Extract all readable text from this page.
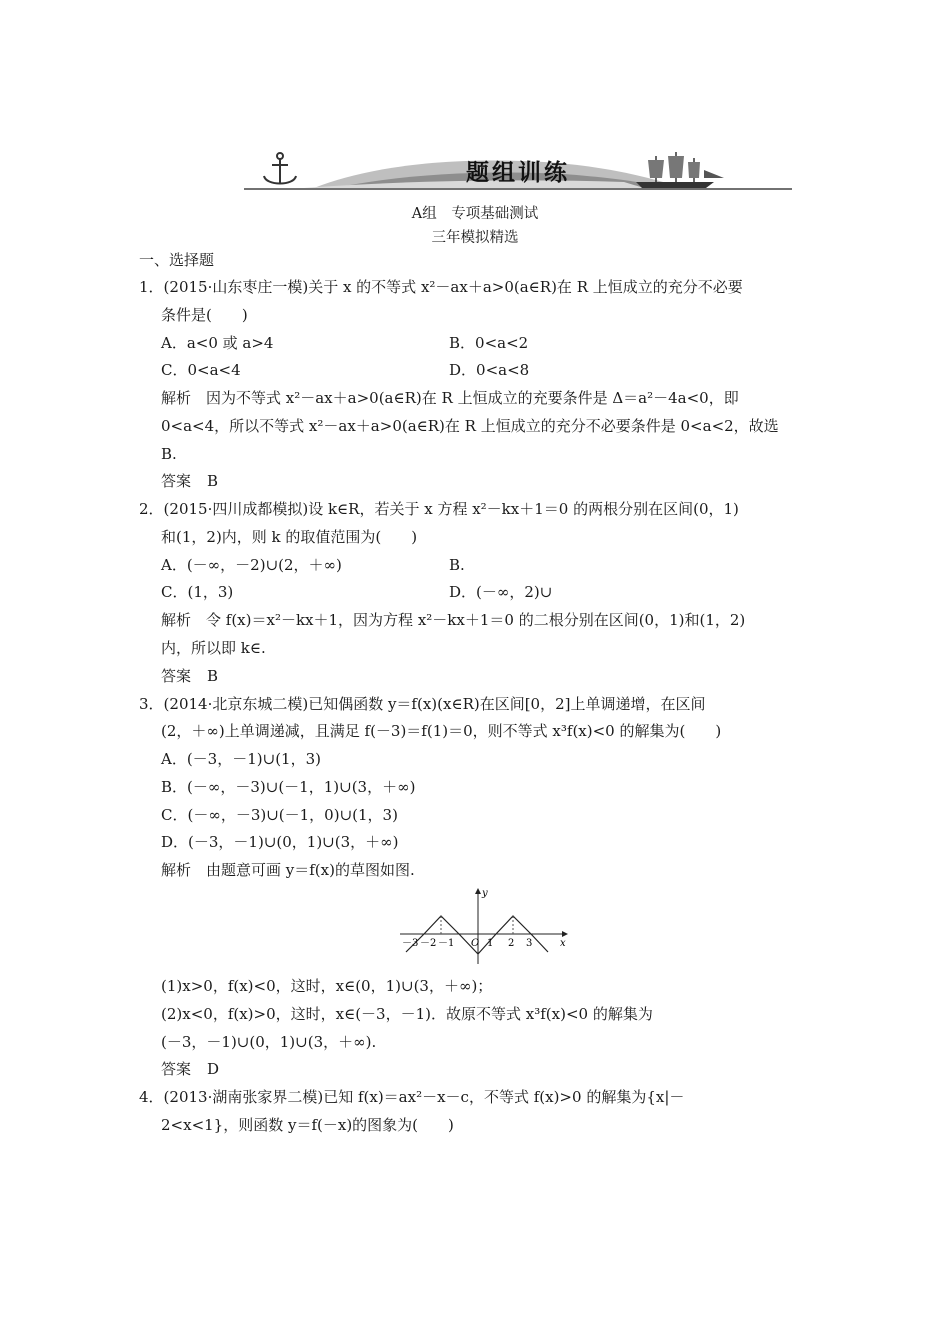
题组训练
A组　专项基础测试
三年模拟精选
一、选择题
1．(2015·山东枣庄一模)关于 x 的不等式 x²－ax＋a>0(a∈R)在 R 上恒成立的充分不必要
条件是(　　)
A．a<0 或 a>4	B．0<a<2
C．0<a<4	D．0<a<8
解析　因为不等式 x²－ax＋a>0(a∈R)在 R 上恒成立的充要条件是 Δ＝a²－4a<0，即
0<a<4，所以不等式 x²－ax＋a>0(a∈R)在 R 上恒成立的充分不必要条件是 0<a<2，故选
B.
答案 B
2．(2015·四川成都模拟)设 k∈R，若关于 x 方程 x²－kx＋1＝0 的两根分别在区间(0，1)
和(1，2)内，则 k 的取值范围为(　　)
A．(－∞，－2)∪(2，＋∞)	B.
C．(1，3)	D．(－∞，2)∪
解析　令 f(x)＝x²－kx＋1，因为方程 x²－kx＋1＝0 的二根分别在区间(0，1)和(1，2)
内，所以即 k∈.
答案 B
3．(2014·北京东城二模)已知偶函数 y＝f(x)(x∈R)在区间[0，2]上单调递增，在区间
(2，＋∞)上单调递减，且满足 f(－3)＝f(1)＝0，则不等式 x³f(x)<0 的解集为(　　)
A．(－3，－1)∪(1，3)
B．(－∞，－3)∪(－1，1)∪(3，＋∞)
C．(－∞，－3)∪(－1，0)∪(1，3)
D．(－3，－1)∪(0，1)∪(3，＋∞)
解析　由题意可画 y＝f(x)的草图如图.
y
x
O
－3 －2 －1	1 2 3
(1)x>0，f(x)<0，这时，x∈(0，1)∪(3，＋∞)；
(2)x<0，f(x)>0，这时，x∈(－3，－1)．故原不等式 x³f(x)<0 的解集为
(－3，－1)∪(0，1)∪(3，＋∞).
答案 D
4．(2013·湖南张家界二模)已知 f(x)＝ax²－x－c，不等式 f(x)>0 的解集为{x|－
2<x<1}，则函数 y＝f(－x)的图象为(　　)
